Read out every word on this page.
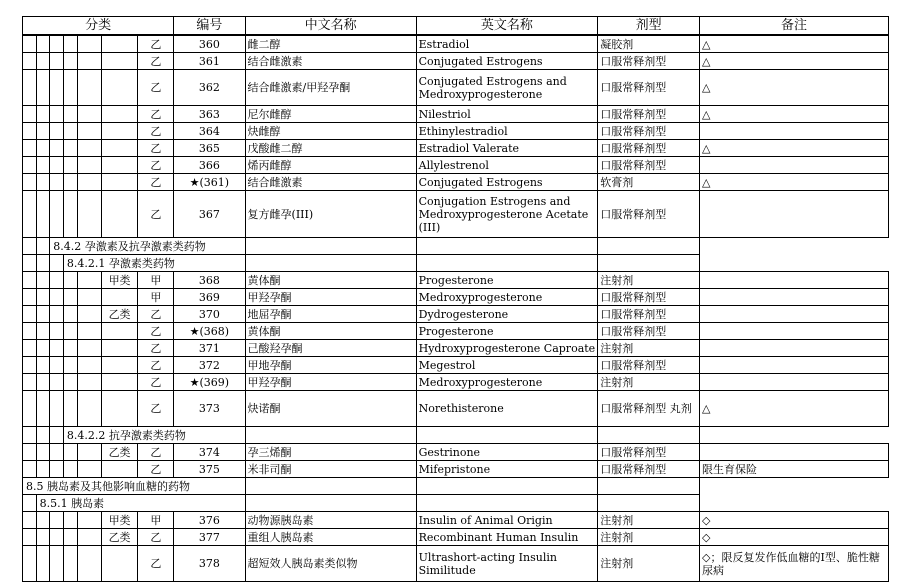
分类							编号	中文名称	英文名称	剂型	备注
						乙	360	雌二醇	Estradiol	凝胶剂	△
						乙	361	结合雌激素	Conjugated Estrogens	口服常释剂型	△
						乙	362	结合雌激素/甲羟孕酮	Conjugated Estrogens and Medroxyprogesterone	口服常释剂型	△
						乙	363	尼尔雌醇	Nilestriol	口服常释剂型	△
						乙	364	炔雌醇	Ethinylestradiol	口服常释剂型	
						乙	365	戊酸雌二醇	Estradiol Valerate	口服常释剂型	△
						乙	366	烯丙雌醇	Allylestrenol	口服常释剂型	
						乙	★(361)	结合雌激素	Conjugated Estrogens	软膏剂	△
						乙	367	复方雌孕(III)	Conjugation Estrogens and Medroxyprogesterone Acetate (III)	口服常释剂型	
		8.4.2 孕激素及抗孕激素类药物									
			8.4.2.1 孕激素类药物								
					甲类	甲	368	黄体酮	Progesterone	注射剂	
						甲	369	甲羟孕酮	Medroxyprogesterone	口服常释剂型	
					乙类	乙	370	地屈孕酮	Dydrogesterone	口服常释剂型	
						乙	★(368)	黄体酮	Progesterone	口服常释剂型	
						乙	371	己酸羟孕酮	Hydroxyprogesterone Caproate	注射剂	
						乙	372	甲地孕酮	Megestrol	口服常释剂型	
						乙	★(369)	甲羟孕酮	Medroxyprogesterone	注射剂	
						乙	373	炔诺酮	Norethisterone	口服常释剂型 丸剂	△
			8.4.2.2 抗孕激素类药物								
					乙类	乙	374	孕三烯酮	Gestrinone	口服常释剂型	
						乙	375	米非司酮	Mifepristone	口服常释剂型	限生育保险
8.5 胰岛素及其他影响血糖的药物											
	8.5.1 胰岛素										
					甲类	甲	376	动物源胰岛素	Insulin of Animal Origin	注射剂	◇
					乙类	乙	377	重组人胰岛素	Recombinant Human Insulin	注射剂	◇
						乙	378	超短效人胰岛素类似物	Ultrashort-acting Insulin Similitude	注射剂	◇；限反复发作低血糖的I型、脆性糖尿病
